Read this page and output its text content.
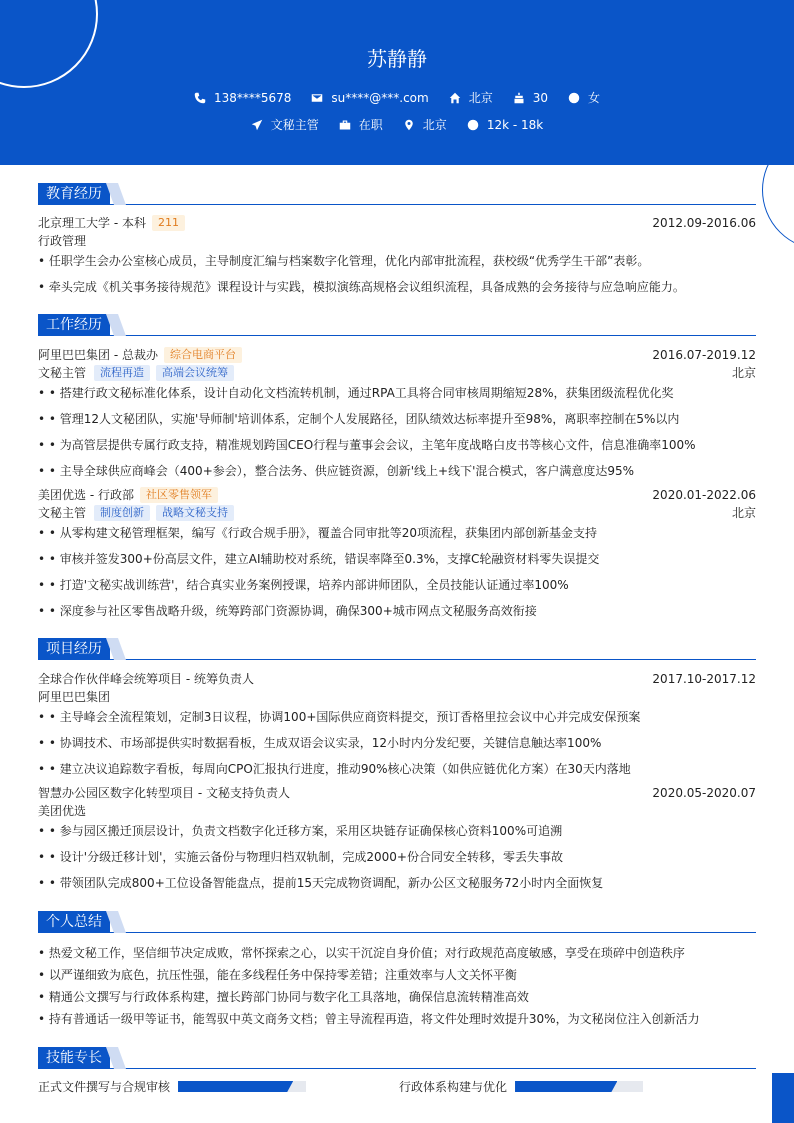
苏静静
138****5678	su****@***.com	北京	30	女
文秘主管	在职	北京	12k - 18k
教育经历
北京理工大学 - 本科	211	2012.09-2016.06
行政管理
• 任职学生会办公室核心成员，主导制度汇编与档案数字化管理，优化内部审批流程，获校级“优秀学生干部”表彰。
• 牵头完成《机关事务接待规范》课程设计与实践，模拟演练高规格会议组织流程，具备成熟的会务接待与应急响应能力。
工作经历
阿里巴巴集团 - 总裁办	综合电商平台	2016.07-2019.12
文秘主管	流程再造	高端会议统筹	北京
• • 搭建行政文秘标准化体系，设计自动化文档流转机制，通过RPA工具将合同审核周期缩短28%，获集团级流程优化奖
• • 管理12人文秘团队，实施'导师制'培训体系，定制个人发展路径，团队绩效达标率提升至98%，离职率控制在5%以内
• • 为高管层提供专属行政支持，精准规划跨国CEO行程与董事会会议，主笔年度战略白皮书等核心文件，信息准确率100%
• • 主导全球供应商峰会（400+参会），整合法务、供应链资源，创新'线上+线下'混合模式，客户满意度达95%
美团优选 - 行政部	社区零售领军	2020.01-2022.06
文秘主管	制度创新	战略文秘支持	北京
• • 从零构建文秘管理框架，编写《行政合规手册》，覆盖合同审批等20项流程，获集团内部创新基金支持
• • 审核并签发300+份高层文件，建立AI辅助校对系统，错误率降至0.3%，支撑C轮融资材料零失误提交
• • 打造'文秘实战训练营'，结合真实业务案例授课，培养内部讲师团队，全员技能认证通过率100%
• • 深度参与社区零售战略升级，统筹跨部门资源协调，确保300+城市网点文秘服务高效衔接
项目经历
全球合作伙伴峰会统筹项目 - 统筹负责人	2017.10-2017.12
阿里巴巴集团
• • 主导峰会全流程策划，定制3日议程，协调100+国际供应商资料提交，预订香格里拉会议中心并完成安保预案
• • 协调技术、市场部提供实时数据看板，生成双语会议实录，12小时内分发纪要，关键信息触达率100%
• • 建立决议追踪数字看板，每周向CPO汇报执行进度，推动90%核心决策（如供应链优化方案）在30天内落地
智慧办公园区数字化转型项目 - 文秘支持负责人	2020.05-2020.07
美团优选
• • 参与园区搬迁顶层设计，负责文档数字化迁移方案，采用区块链存证确保核心资料100%可追溯
• • 设计'分级迁移计划'，实施云备份与物理归档双轨制，完成2000+份合同安全转移，零丢失事故
• • 带领团队完成800+工位设备智能盘点，提前15天完成物资调配，新办公区文秘服务72小时内全面恢复
个人总结
• 热爱文秘工作，坚信细节决定成败，常怀探索之心，以实干沉淀自身价值；对行政规范高度敏感，享受在琐碎中创造秩序
• 以严谨细致为底色，抗压性强，能在多线程任务中保持零差错；注重效率与人文关怀平衡
• 精通公文撰写与行政体系构建，擅长跨部门协同与数字化工具落地，确保信息流转精准高效
• 持有普通话一级甲等证书，能驾驭中英文商务文档；曾主导流程再造，将文件处理时效提升30%，为文秘岗位注入创新活力
技能专长
正式文件撰写与合规审核	行政体系构建与优化
